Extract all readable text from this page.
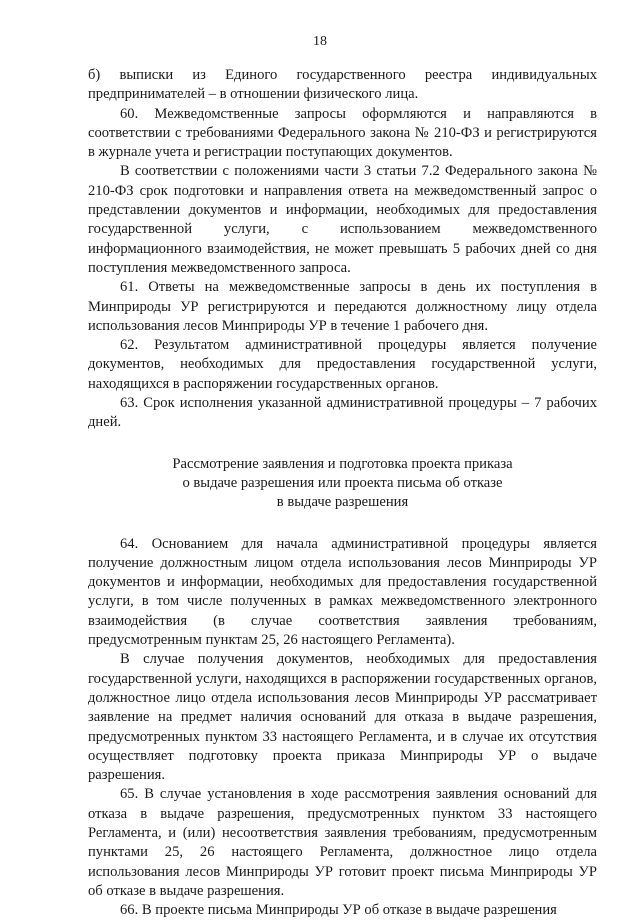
18

б) выписки из Единого государственного реестра индивидуальных предпринимателей – в отношении физического лица.

60. Межведомственные запросы оформляются и направляются в соответствии с требованиями Федерального закона № 210-ФЗ и регистрируются в журнале учета и регистрации поступающих документов.

В соответствии с положениями части 3 статьи 7.2 Федерального закона № 210-ФЗ срок подготовки и направления ответа на межведомственный запрос о представлении документов и информации, необходимых для предоставления государственной услуги, с использованием межведомственного информационного взаимодействия, не может превышать 5 рабочих дней со дня поступления межведомственного запроса.

61. Ответы на межведомственные запросы в день их поступления в Минприроды УР регистрируются и передаются должностному лицу отдела использования лесов Минприроды УР в течение 1 рабочего дня.

62. Результатом административной процедуры является получение документов, необходимых для предоставления государственной услуги, находящихся в распоряжении государственных органов.

63. Срок исполнения указанной административной процедуры – 7 рабочих дней.

Рассмотрение заявления и подготовка проекта приказа
о выдаче разрешения или проекта письма об отказе
в выдаче разрешения

64. Основанием для начала административной процедуры является получение должностным лицом отдела использования лесов Минприроды УР документов и информации, необходимых для предоставления государственной услуги, в том числе полученных в рамках межведомственного электронного взаимодействия (в случае соответствия заявления требованиям, предусмотренным пунктам 25, 26 настоящего Регламента).

В случае получения документов, необходимых для предоставления государственной услуги, находящихся в распоряжении государственных органов, должностное лицо отдела использования лесов Минприроды УР рассматривает заявление на предмет наличия оснований для отказа в выдаче разрешения, предусмотренных пунктом 33 настоящего Регламента, и в случае их отсутствия осуществляет подготовку проекта приказа Минприроды УР о выдаче разрешения.

65. В случае установления в ходе рассмотрения заявления оснований для отказа в выдаче разрешения, предусмотренных пунктом 33 настоящего Регламента, и (или) несоответствия заявления требованиям, предусмотренным пунктами 25, 26 настоящего Регламента, должностное лицо отдела использования лесов Минприроды УР готовит проект письма Минприроды УР об отказе в выдаче разрешения.

66. В проекте письма Минприроды УР об отказе в выдаче разрешения
